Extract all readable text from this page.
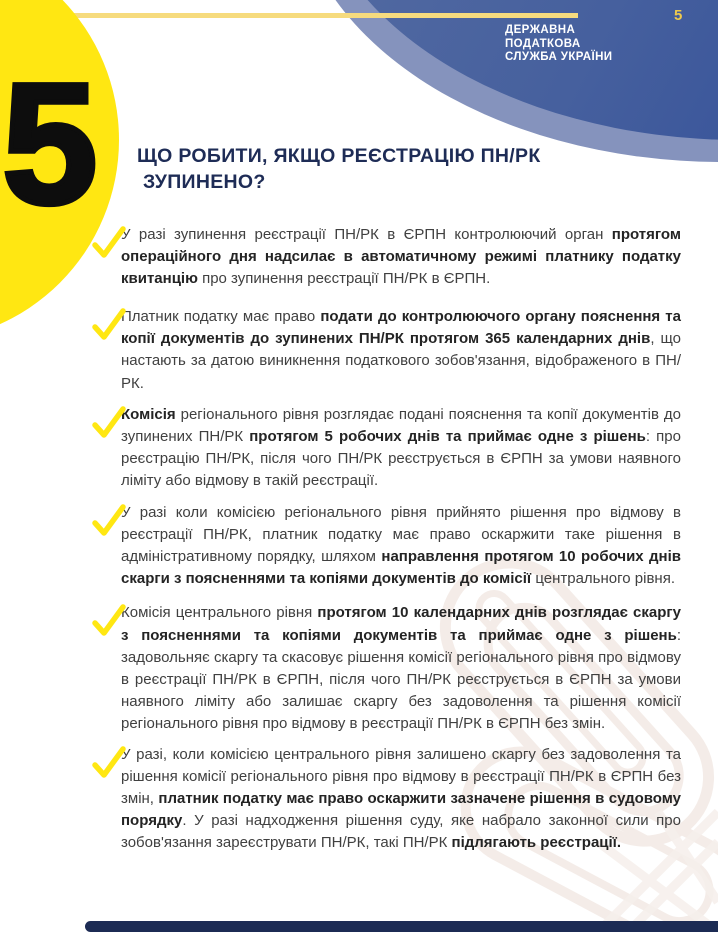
ДЕРЖАВНА
ПОДАТКОВА
СЛУЖБА УКРАЇНИ
5
5 ЩО РОБИТИ, ЯКЩО РЕЄСТРАЦІЮ ПН/РК
ЗУПИНЕНО?

У разі зупинення реєстрації ПН/РК в ЄРПН контролюючий орган протягом операційного дня надсилає в автоматичному режимі платнику податку квитанцію про зупинення реєстрації ПН/РК в ЄРПН.

Платник податку має право подати до контролюючого органу пояснення та копії документів до зупинених ПН/РК протягом 365 календарних днів, що настають за датою виникнення податкового зобов'язання, відображеного в ПН/РК.

Комісія регіонального рівня розглядає подані пояснення та копії документів до зупинених ПН/РК протягом 5 робочих днів та приймає одне з рішень: про реєстрацію ПН/РК, після чого ПН/РК реєструється в ЄРПН за умови наявного ліміту або відмову в такій реєстрації.

У разі коли комісією регіонального рівня прийнято рішення про відмову в реєстрації ПН/РК, платник податку має право оскаржити таке рішення в адміністративному порядку, шляхом направлення протягом 10 робочих днів скарги з поясненнями та копіями документів до комісії центрального рівня.

Комісія центрального рівня протягом 10 календарних днів розглядає скаргу з поясненнями та копіями документів та приймає одне з рішень: задовольняє скаргу та скасовує рішення комісії регіонального рівня про відмову в реєстрації ПН/РК в ЄРПН, після чого ПН/РК реєструється в ЄРПН за умови наявного ліміту або залишає скаргу без задоволення та рішення комісії регіонального рівня про відмову в реєстрації ПН/РК в ЄРПН без змін.

У разі, коли комісією центрального рівня залишено скаргу без задоволення та рішення комісії регіонального рівня про відмову в реєстрації ПН/РК в ЄРПН без змін, платник податку має право оскаржити зазначене рішення в судовому порядку. У разі надходження рішення суду, яке набрало законної сили про зобов'язання зареєструвати ПН/РК, такі ПН/РК підлягають реєстрації.
